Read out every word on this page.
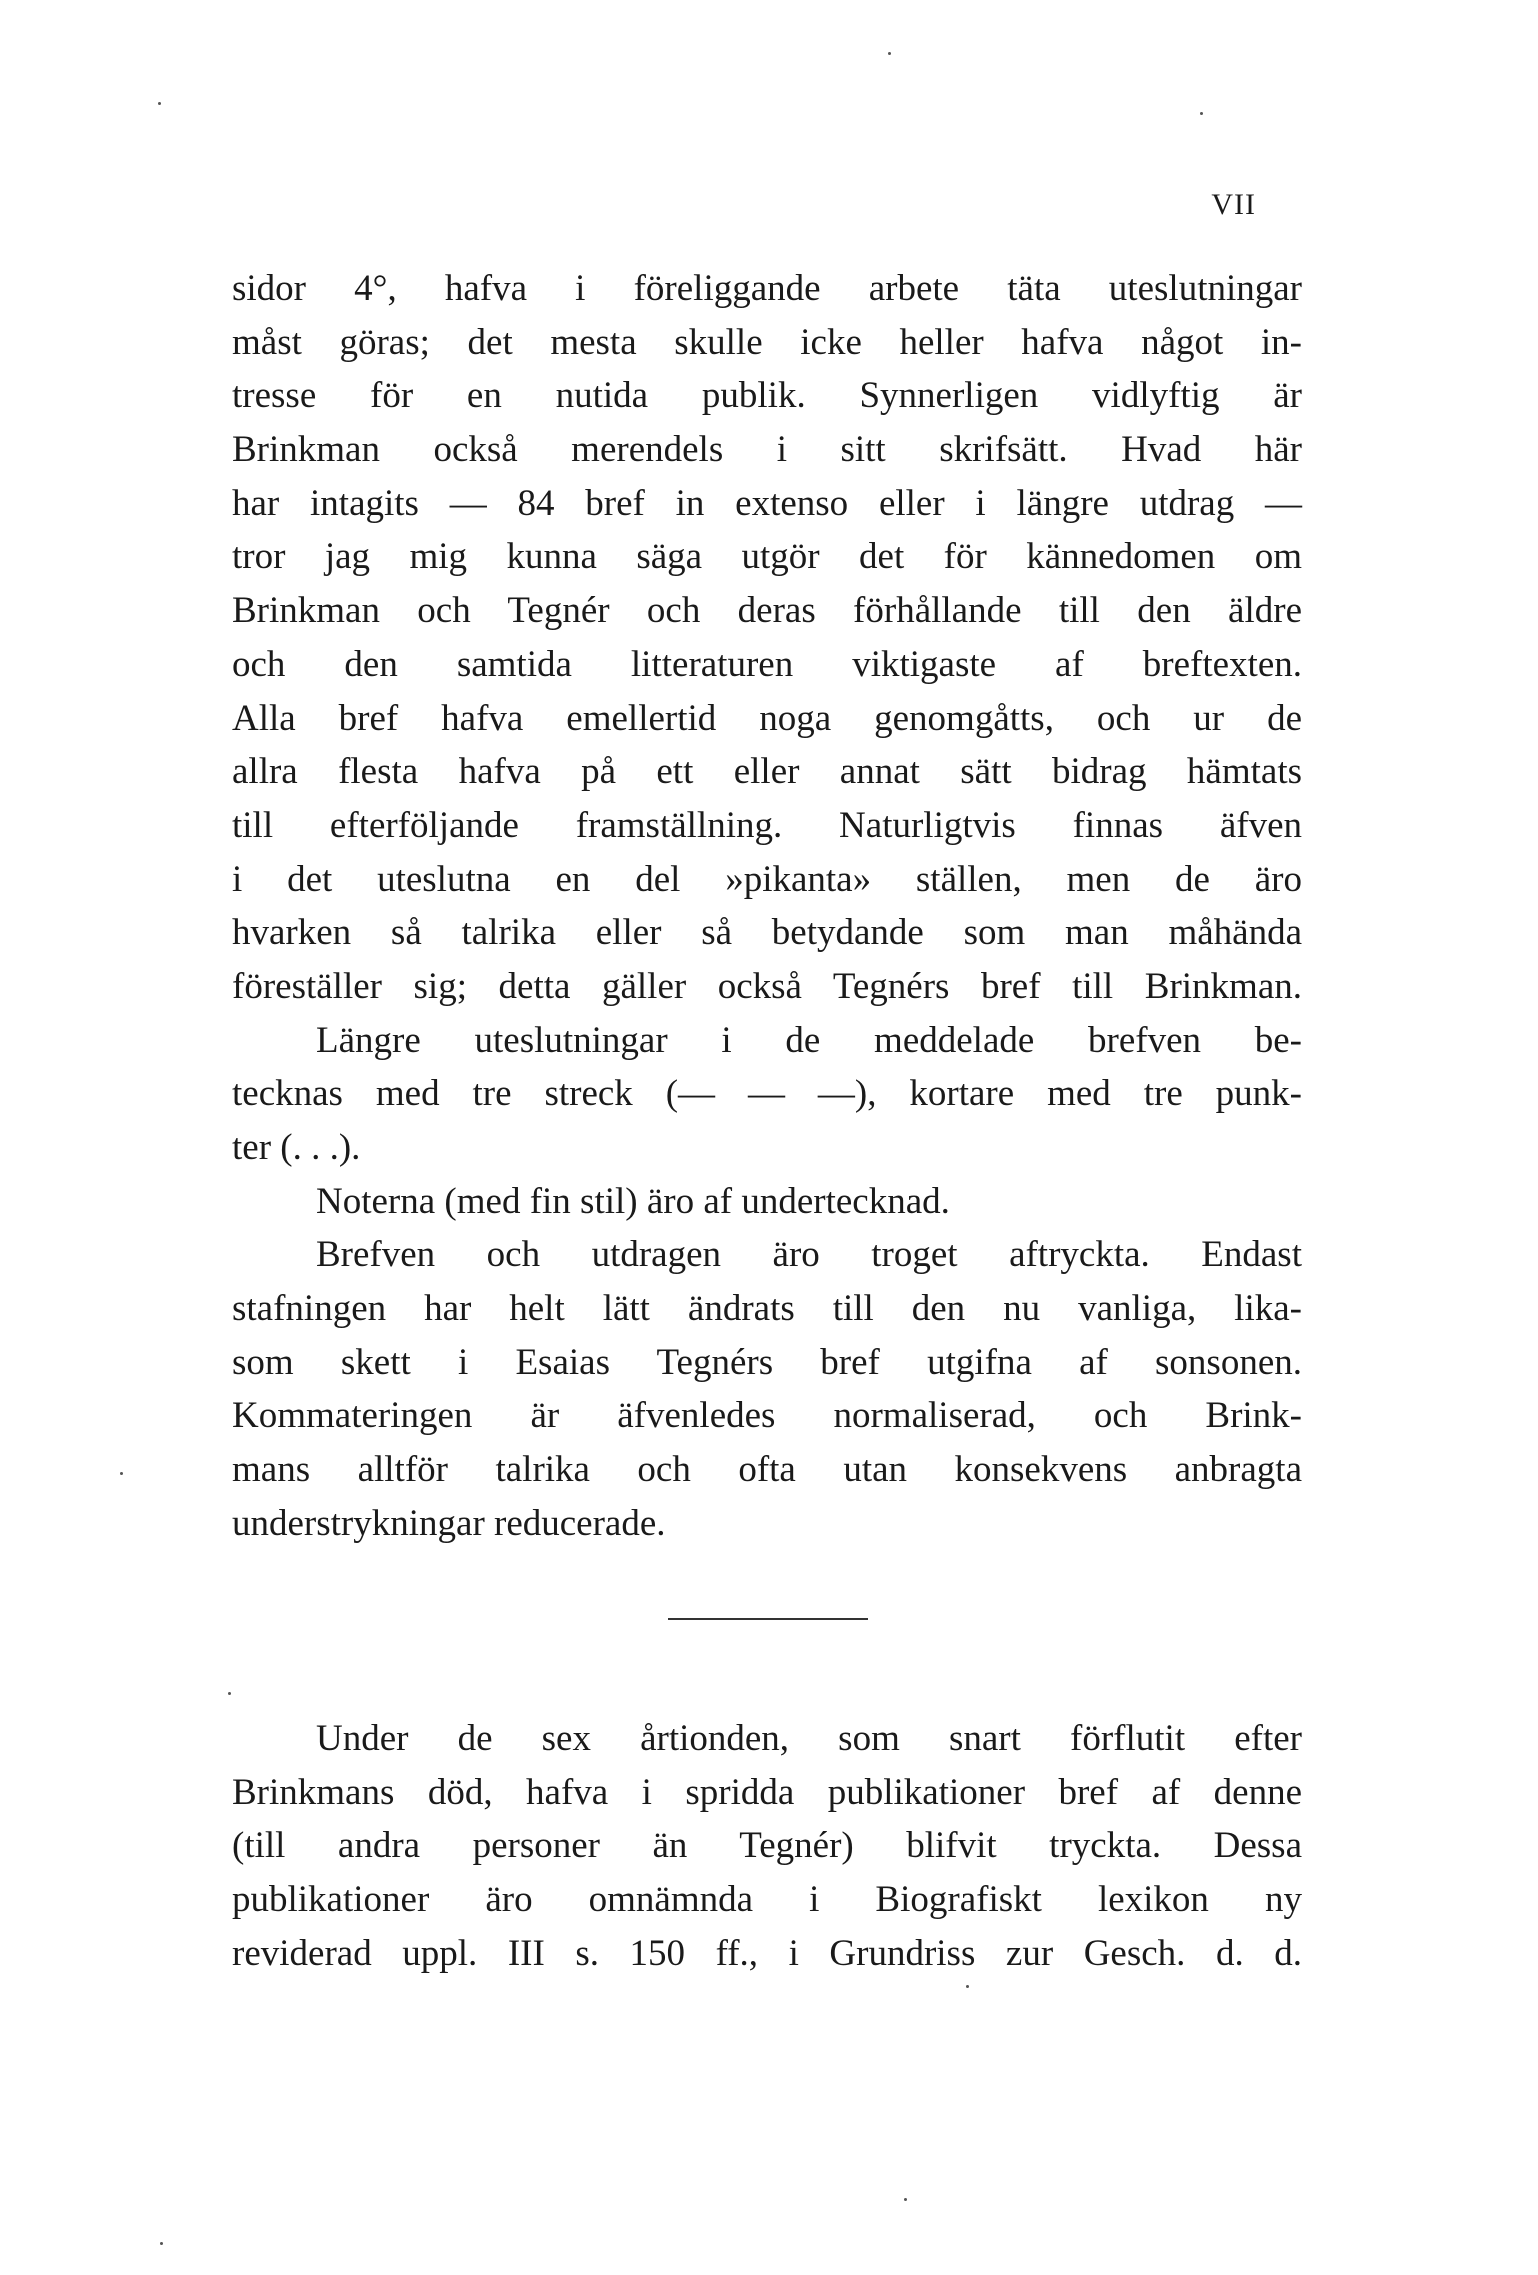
VII
sidor 4°, hafva i föreliggande arbete täta uteslutningar
måst göras; det mesta skulle icke heller hafva något in-
tresse för en nutida publik. Synnerligen vidlyftig är
Brinkman också merendels i sitt skrifsätt. Hvad här
har intagits — 84 bref in extenso eller i längre utdrag —
tror jag mig kunna säga utgör det för kännedomen om
Brinkman och Tegnér och deras förhållande till den äldre
och den samtida litteraturen viktigaste af breftexten.
Alla bref hafva emellertid noga genomgåtts, och ur de
allra flesta hafva på ett eller annat sätt bidrag hämtats
till efterföljande framställning. Naturligtvis finnas äfven
i det uteslutna en del »pikanta» ställen, men de äro
hvarken så talrika eller så betydande som man måhända
föreställer sig; detta gäller också Tegnérs bref till Brinkman.
Längre uteslutningar i de meddelade brefven be-
tecknas med tre streck (— — —), kortare med tre punk-
ter (. . .).
Noterna (med fin stil) äro af undertecknad.
Brefven och utdragen äro troget aftryckta. Endast
stafningen har helt lätt ändrats till den nu vanliga, lika-
som skett i Esaias Tegnérs bref utgifna af sonsonen.
Kommateringen är äfvenledes normaliserad, och Brink-
mans alltför talrika och ofta utan konsekvens anbragta
understrykningar reducerade.
Under de sex årtionden, som snart förflutit efter
Brinkmans död, hafva i spridda publikationer bref af denne
(till andra personer än Tegnér) blifvit tryckta. Dessa
publikationer äro omnämnda i Biografiskt lexikon ny
reviderad uppl. III s. 150 ff., i Grundriss zur Gesch. d. d.
